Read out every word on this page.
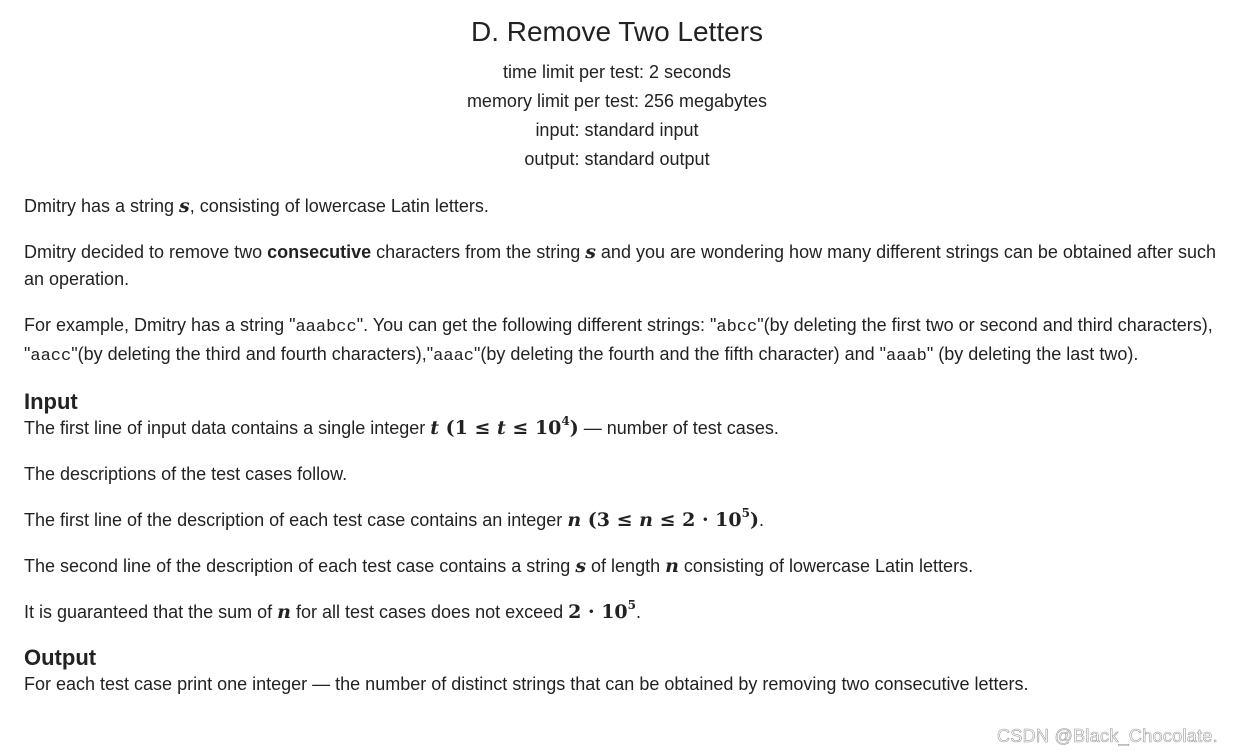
D. Remove Two Letters
time limit per test: 2 seconds
memory limit per test: 256 megabytes
input: standard input
output: standard output
Dmitry has a string s, consisting of lowercase Latin letters.
Dmitry decided to remove two consecutive characters from the string s and you are wondering how many different strings can be obtained after such an operation.
For example, Dmitry has a string "aaabcc". You can get the following different strings: "abcc"(by deleting the first two or second and third characters), "aacc"(by deleting the third and fourth characters),"aaac"(by deleting the fourth and the fifth character) and "aaab" (by deleting the last two).
Input
The first line of input data contains a single integer t $(1 \le t \le 10^4)$ — number of test cases.
The descriptions of the test cases follow.
The first line of the description of each test case contains an integer n $(3 \le n \le 2 \cdot 10^5)$.
The second line of the description of each test case contains a string s of length n consisting of lowercase Latin letters.
It is guaranteed that the sum of n for all test cases does not exceed $2 \cdot 10^5$.
Output
For each test case print one integer — the number of distinct strings that can be obtained by removing two consecutive letters.
CSDN @Black_Chocolate.
